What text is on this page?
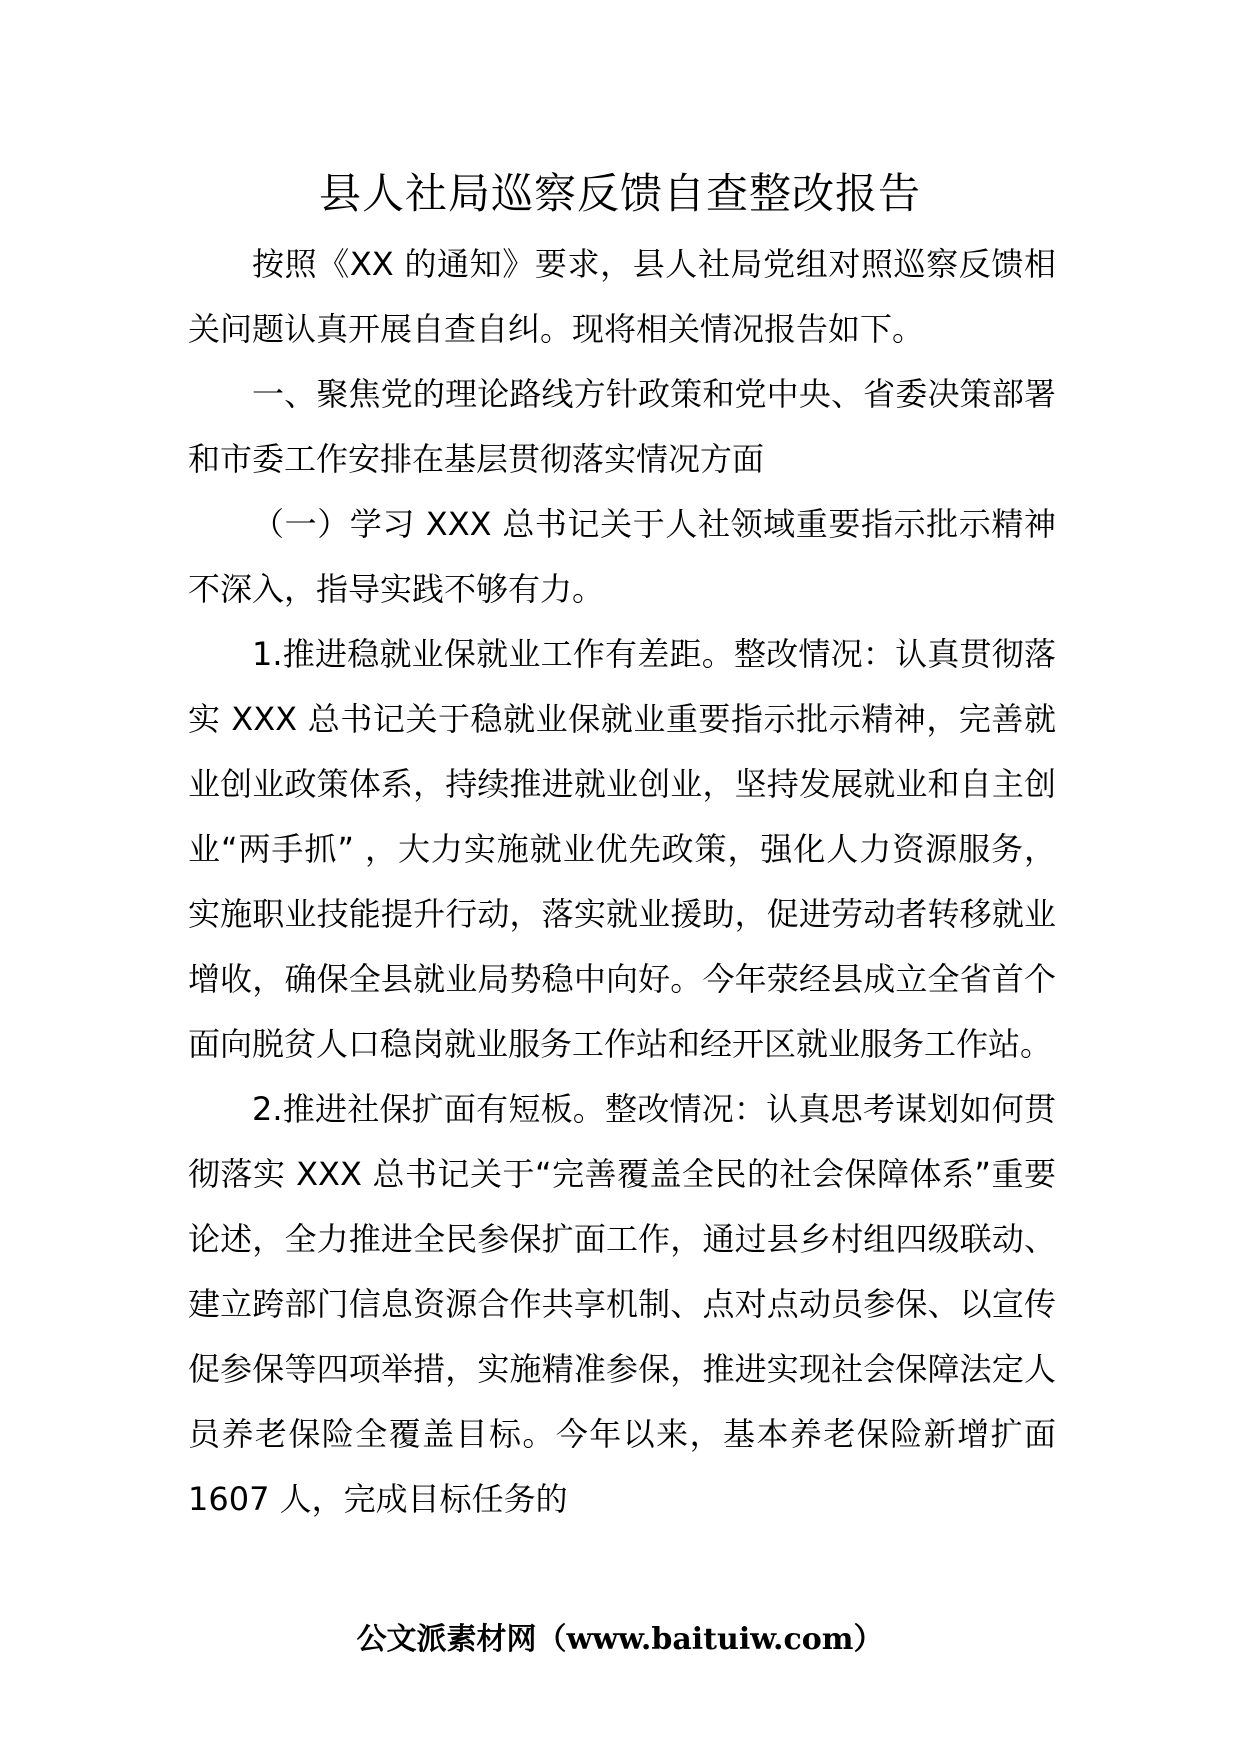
县人社局巡察反馈自查整改报告

按照《XX 的通知》要求，县人社局党组对照巡察反馈相关问题认真开展自查自纠。现将相关情况报告如下。

一、聚焦党的理论路线方针政策和党中央、省委决策部署和市委工作安排在基层贯彻落实情况方面

（一）学习 XXX 总书记关于人社领域重要指示批示精神不深入，指导实践不够有力。

1.推进稳就业保就业工作有差距。整改情况：认真贯彻落实 XXX 总书记关于稳就业保就业重要指示批示精神，完善就业创业政策体系，持续推进就业创业，坚持发展就业和自主创业“两手抓” ，大力实施就业优先政策，强化人力资源服务，实施职业技能提升行动，落实就业援助，促进劳动者转移就业增收，确保全县就业局势稳中向好。今年荥经县成立全省首个面向脱贫人口稳岗就业服务工作站和经开区就业服务工作站。

2.推进社保扩面有短板。整改情况：认真思考谋划如何贯彻落实 XXX 总书记关于“完善覆盖全民的社会保障体系”重要论述，全力推进全民参保扩面工作，通过县乡村组四级联动、建立跨部门信息资源合作共享机制、点对点动员参保、以宣传促参保等四项举措，实施精准参保，推进实现社会保障法定人员养老保险全覆盖目标。今年以来，基本养老保险新增扩面 1607 人，完成目标任务的

公文派素材网（www.baituiw.com）
